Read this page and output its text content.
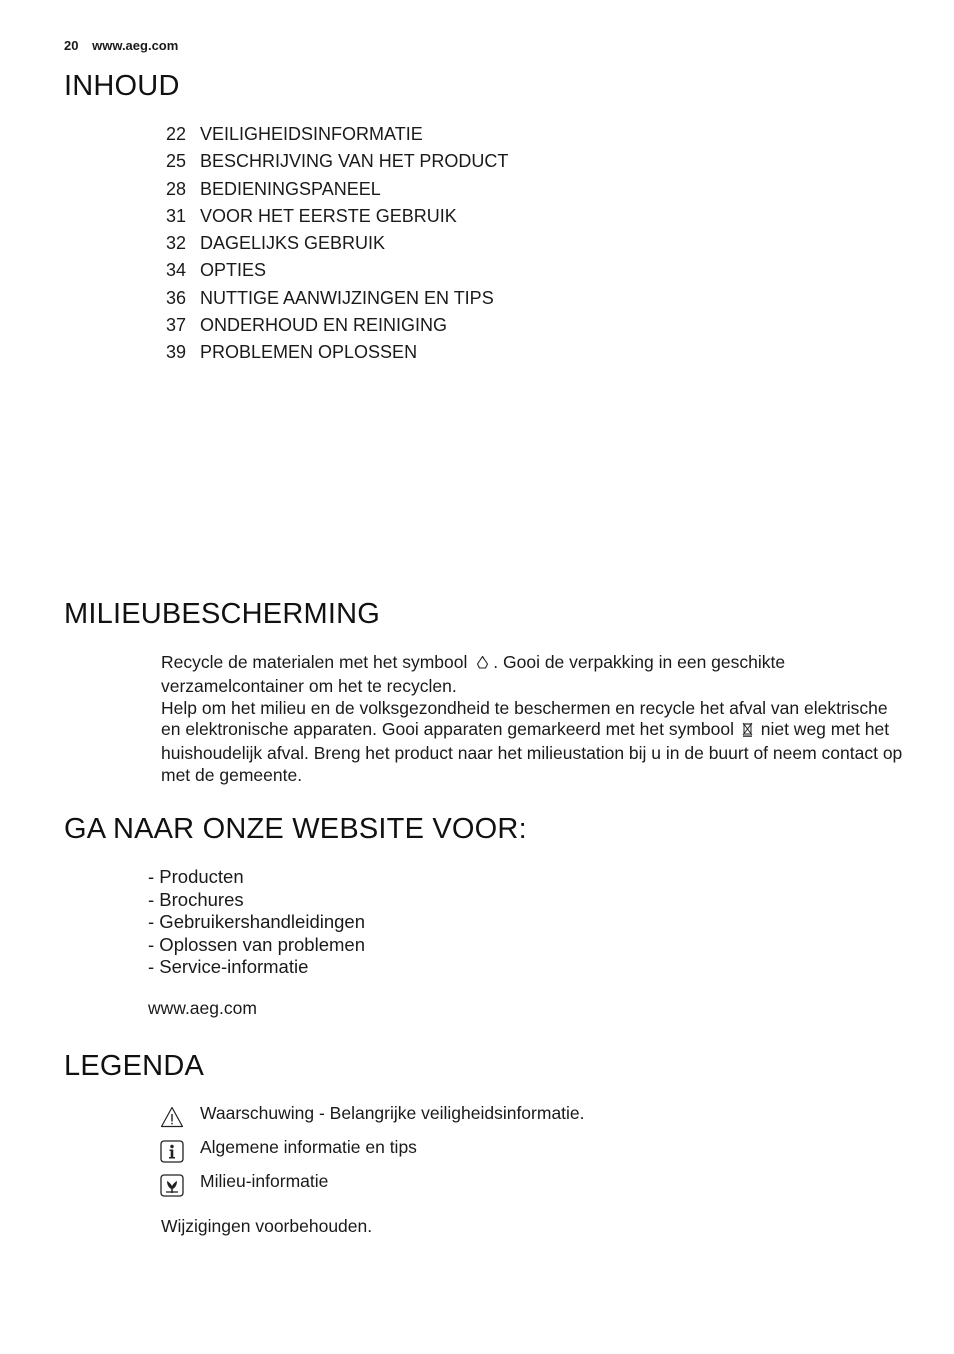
20 www.aeg.com
INHOUD
22 VEILIGHEIDSINFORMATIE
25 BESCHRIJVING VAN HET PRODUCT
28 BEDIENINGSPANEEL
31 VOOR HET EERSTE GEBRUIK
32 DAGELIJKS GEBRUIK
34 OPTIES
36 NUTTIGE AANWIJZINGEN EN TIPS
37 ONDERHOUD EN REINIGING
39 PROBLEMEN OPLOSSEN
MILIEUBESCHERMING
Recycle de materialen met het symbool . Gooi de verpakking in een geschikte verzamelcontainer om het te recyclen.
Help om het milieu en de volksgezondheid te beschermen en recycle het afval van elektrische en elektronische apparaten. Gooi apparaten gemarkeerd met het symbool niet weg met het huishoudelijk afval. Breng het product naar het milieustation bij u in de buurt of neem contact op met de gemeente.
GA NAAR ONZE WEBSITE VOOR:
- Producten
- Brochures
- Gebruikershandleidingen
- Oplossen van problemen
- Service-informatie
www.aeg.com
LEGENDA
Waarschuwing - Belangrijke veiligheidsinformatie.
Algemene informatie en tips
Milieu-informatie
Wijzigingen voorbehouden.
